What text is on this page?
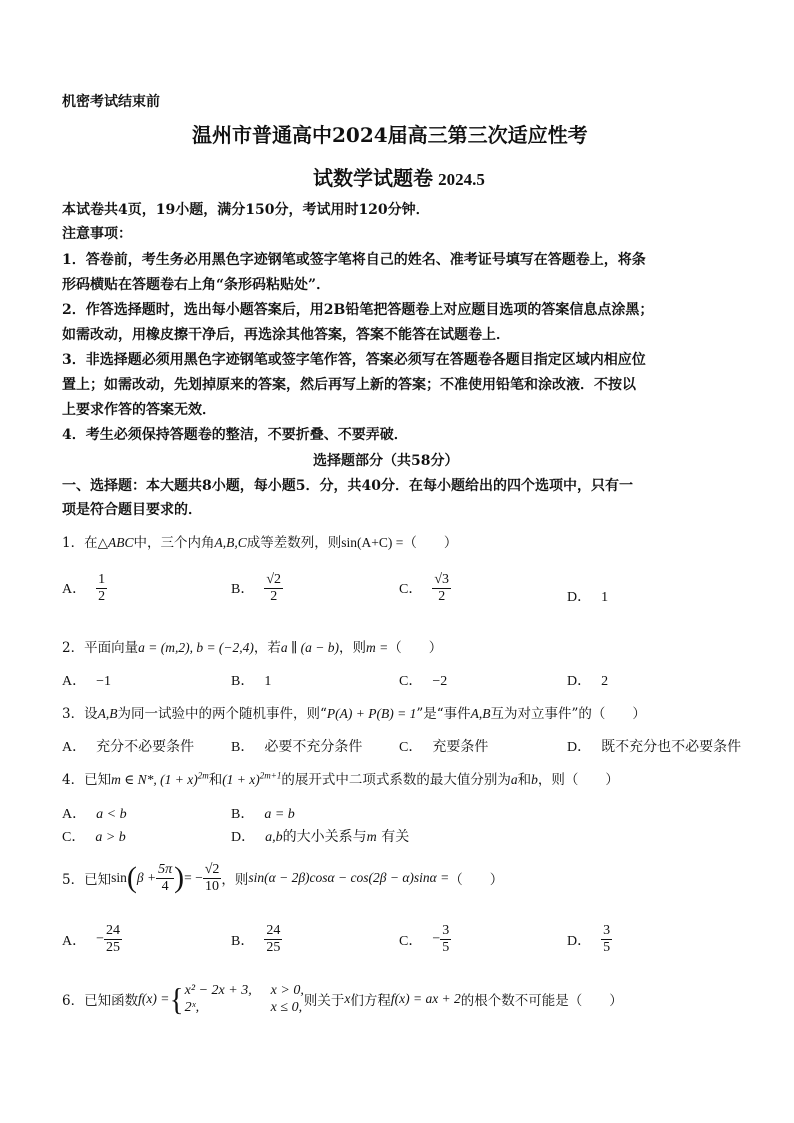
机密考试结束前
温州市普通高中2024届高三第三次适应性考
试数学试题卷 2024.5
本试卷共4页，19小题，满分150分，考试用时120分钟．
注意事项：
1．答卷前，考生务必用黑色字迹钢笔或签字笔将自己的姓名、准考证号填写在答题卷上，将条
形码横贴在答题卷右上角“条形码粘贴处”．
2．作答选择题时，选出每小题答案后，用2B铅笔把答题卷上对应题目选项的答案信息点涂黑；
如需改动，用橡皮擦干净后，再选涂其他答案，答案不能答在试题卷上．
3．非选择题必须用黑色字迹钢笔或签字笔作答，答案必须写在答题卷各题目指定区域内相应位
置上；如需改动，先划掉原来的答案，然后再写上新的答案；不准使用铅笔和涂改液．不按以
上要求作答的答案无效．
4．考生必须保持答题卷的整洁，不要折叠、不要弄破．
选择题部分（共58分）
一、选择题：本大题共8小题，每小题5．分，共40分．在每小题给出的四个选项中，只有一
项是符合题目要求的．
1．在△ABC中，三个内角A,B,C成等差数列，则sin(A+C) =（　　）
A． $\frac{1}{2}$	B． $\frac{√2}{2}$	C． $\frac{√3}{2}$	D． 1
2．平面向量a = (m,2), b = (−2,4)，若a ∥ (a − b)，则m =（　　）
A． −1	B． 1	C． −2	D． 2
3．设A,B为同一试验中的两个随机事件，则“P(A) + P(B) = 1”是“事件A,B互为对立事件”的（　　）
A． 充分不必要条件	B． 必要不充分条件	C． 充要条件	D． 既不充分也不必要条件
4．已知m ∈ N*, $(1 + x)^{2m}$和$(1 + x)^{2m+1}$的展开式中二项式系数的最大值分别为a和b，则（　　）
A． a < b	B． a = b
C． a > b	D． a,b的大小关系与m 有关
5．已知$\sin(\beta + \frac{5\pi}{4}$ )= − $\frac{√2}{10}$ ，则sin(α − 2β)cosα − cos(2β − α)sinα =（　　）
A． − $\frac{24}{25}$	B． $\frac{24}{25}$	C． − $\frac{3}{5}$	D． $\frac{3}{5}$
6．已知函数f(x) ={ x² − 2x + 3, x > 0,
2ˣ,	x ≤ 0, 则关于x们方程f(x) = ax + 2的根个数不可能是（　　）
